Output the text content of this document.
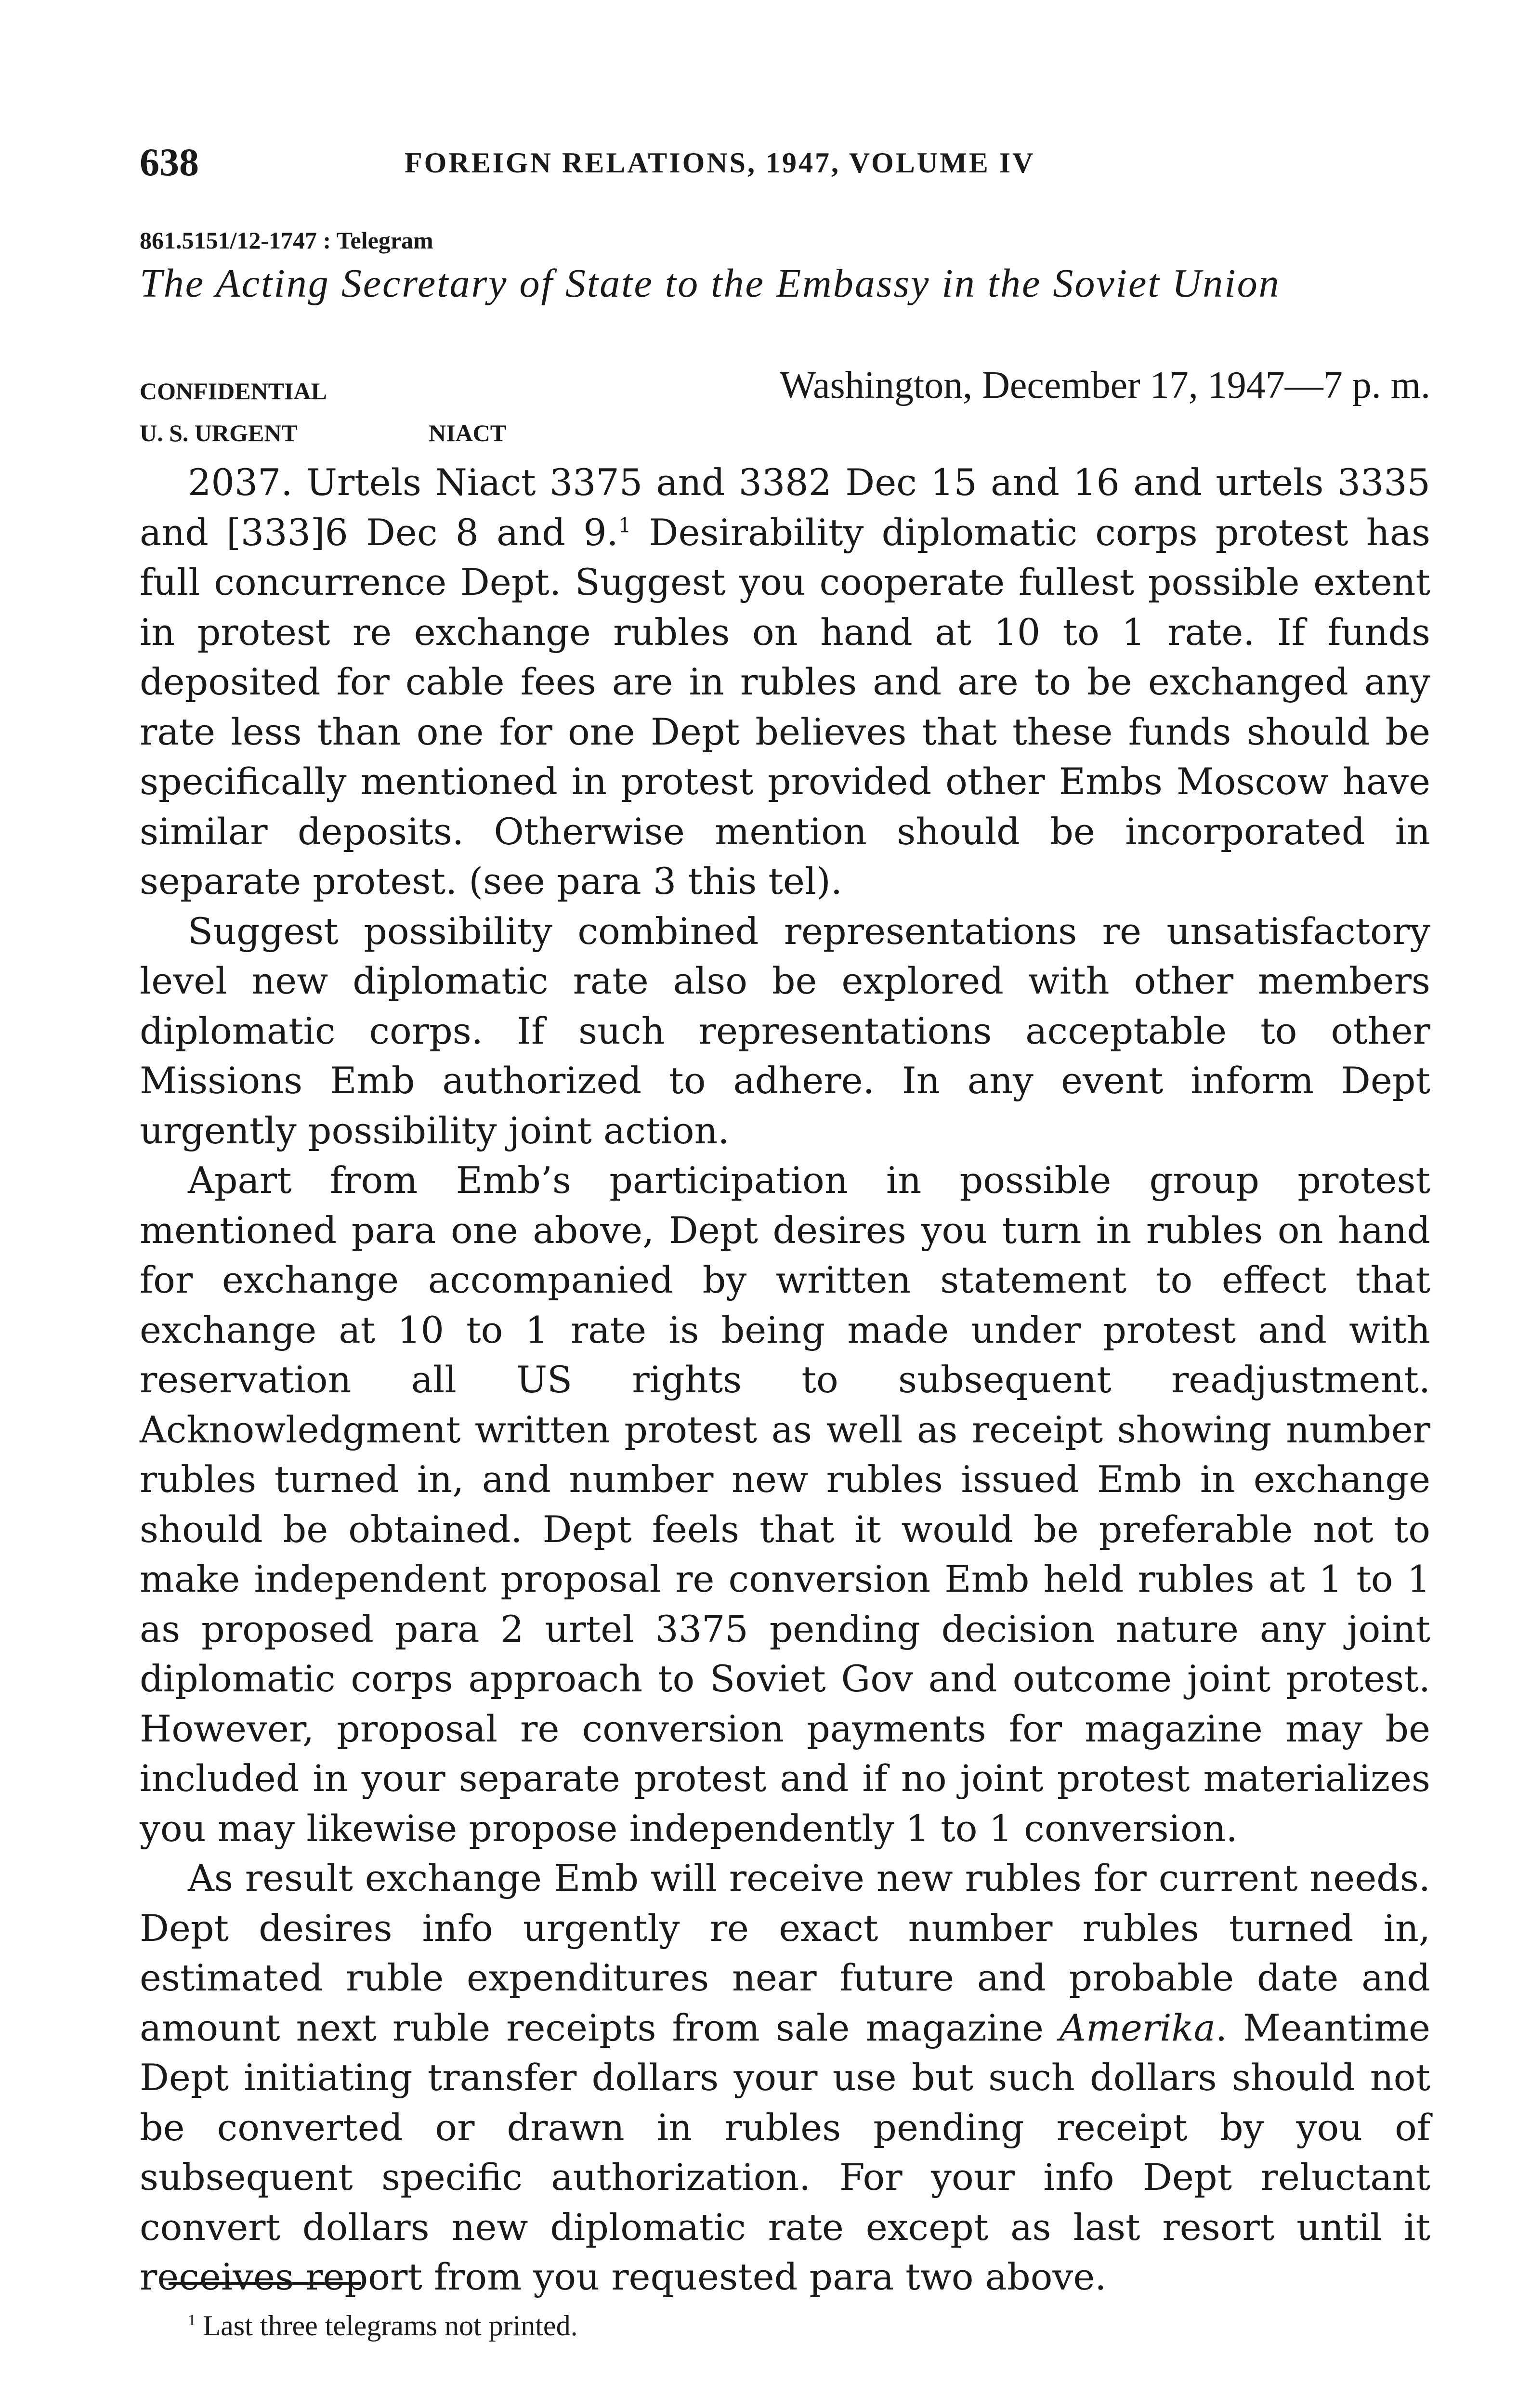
638	FOREIGN RELATIONS, 1947, VOLUME IV
861.5151/12-1747 : Telegram
The Acting Secretary of State to the Embassy in the Soviet Union
CONFIDENTIAL	Washington, December 17, 1947—7 p. m.
U. S. URGENT	NIACT

2037. Urtels Niact 3375 and 3382 Dec 15 and 16 and urtels 3335 and [333]6 Dec 8 and 9.$^1$ Desirability diplomatic corps protest has full concurrence Dept. Suggest you cooperate fullest possible extent in protest re exchange rubles on hand at 10 to 1 rate. If funds deposited for cable fees are in rubles and are to be exchanged any rate less than one for one Dept believes that these funds should be specifically mentioned in protest provided other Embs Moscow have similar deposits. Otherwise mention should be incorporated in separate protest. (see para 3 this tel).

Suggest possibility combined representations re unsatisfactory level new diplomatic rate also be explored with other members diplomatic corps. If such representations acceptable to other Missions Emb authorized to adhere. In any event inform Dept urgently possibility joint action.

Apart from Emb’s participation in possible group protest mentioned para one above, Dept desires you turn in rubles on hand for exchange accompanied by written statement to effect that exchange at 10 to 1 rate is being made under protest and with reservation all US rights to subsequent readjustment. Acknowledgment written protest as well as receipt showing number rubles turned in, and number new rubles issued Emb in exchange should be obtained. Dept feels that it would be preferable not to make independent proposal re conversion Emb held rubles at 1 to 1 as proposed para 2 urtel 3375 pending decision nature any joint diplomatic corps approach to Soviet Gov and outcome joint protest. However, proposal re conversion payments for magazine may be included in your separate protest and if no joint protest materializes you may likewise propose independently 1 to 1 conversion.

As result exchange Emb will receive new rubles for current needs. Dept desires info urgently re exact number rubles turned in, estimated ruble expenditures near future and probable date and amount next ruble receipts from sale magazine Amerika. Meantime Dept initiating transfer dollars your use but such dollars should not be converted or drawn in rubles pending receipt by you of subsequent specific authorization. For your info Dept reluctant convert dollars new diplomatic rate except as last resort until it receives report from you requested para two above.

$^1$ Last three telegrams not printed.
